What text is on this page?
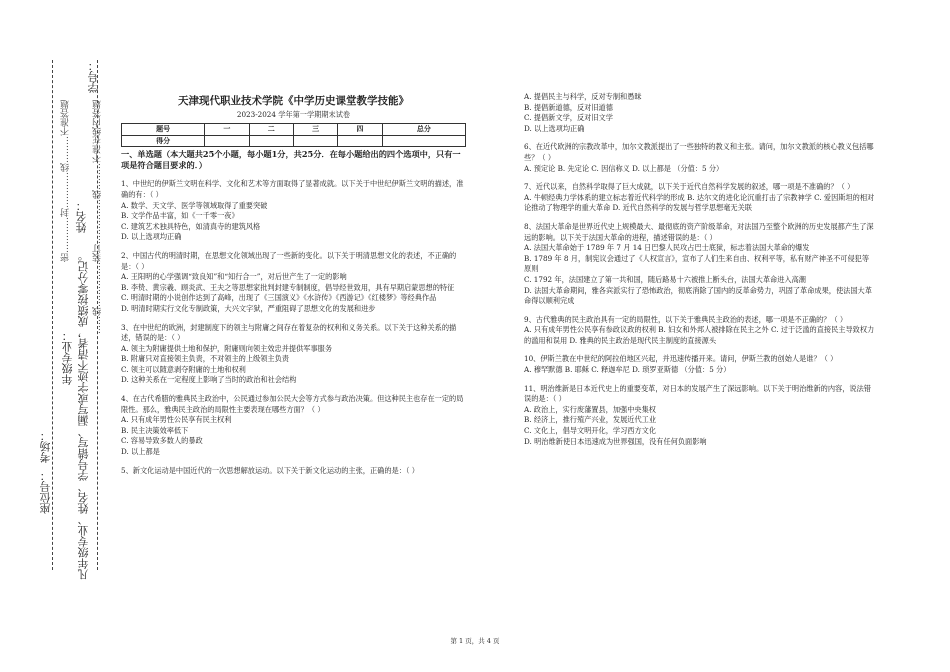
学号：
……线……………装订……………线………不准在线内答题
姓名：
密…………封…………线………不准答题
凡年级专业、姓名、学号错写、漏写或字迹不清者，成绩按零分记。
年级专业：
考场：
座位号：
天津现代职业技术学院《中学历史课堂教学技能》
2023-2024 学年第一学期期末试卷
题号	一	二	三	四	总分
得分					
一、单选题（本大题共25个小题，每小题1分，共25分．在每小题给出的四个选项中，只有一项是符合题目要求的．）

1、中世纪的伊斯兰文明在科学、文化和艺术等方面取得了显著成就。以下关于中世纪伊斯兰文明的描述，准确的有：（ ）

A. 数学、天文学、医学等领域取得了重要突破

B. 文学作品丰富，如《一千零一夜》

C. 建筑艺术独具特色，如清真寺的建筑风格

D. 以上选项均正确

2、中国古代的明清时期，在思想文化领域出现了一些新的变化。以下关于明清思想文化的表述，不正确的是：（ ）

A. 王阳明的心学强调“致良知”和“知行合一”，对后世产生了一定的影响

B. 李贽、黄宗羲、顾炎武、王夫之等思想家批判封建专制制度，倡导经世致用，具有早期启蒙思想的特征

C. 明清时期的小说创作达到了高峰，出现了《三国演义》《水浒传》《西游记》《红楼梦》等经典作品

D. 明清时期实行文化专制政策，大兴文字狱，严重阻碍了思想文化的发展和进步

3、在中世纪的欧洲，封建制度下的领主与附庸之间存在着复杂的权利和义务关系。以下关于这种关系的描述，错误的是：（ ）

A. 领主为附庸提供土地和保护，附庸则向领主效忠并提供军事服务

B. 附庸只对直接领主负责，不对领主的上级领主负责

C. 领主可以随意剥夺附庸的土地和权利

D. 这种关系在一定程度上影响了当时的政治和社会结构

4、在古代希腊的雅典民主政治中，公民通过参加公民大会等方式参与政治决策。但这种民主也存在一定的局限性。那么，雅典民主政治的局限性主要表现在哪些方面？（ ）

A. 只有成年男性公民享有民主权利

B. 民主决策效率低下

C. 容易导致多数人的暴政

D. 以上都是

5、新文化运动是中国近代的一次思想解放运动。以下关于新文化运动的主张，正确的是：（ ）

A. 提倡民主与科学，反对专制和愚昧

B. 提倡新道德，反对旧道德

C. 提倡新文学，反对旧文学

D. 以上选项均正确

6、在近代欧洲的宗教改革中，加尔文教派提出了一些独特的教义和主张。请问，加尔文教派的核心教义包括哪些？（ ）

A. 预定论 B. 先定论 C. 因信称义 D. 以上都是 （分值：5 分）

7、近代以来，自然科学取得了巨大成就，以下关于近代自然科学发展的叙述，哪一项是不准确的？（ ）

A. 牛顿经典力学体系的建立标志着近代科学的形成 B. 达尔文的进化论沉重打击了宗教神学 C. 爱因斯坦的相对论推动了物理学的重大革命 D. 近代自然科学的发展与哲学思想毫无关联

8、法国大革命是世界近代史上规模最大、最彻底的资产阶级革命，对法国乃至整个欧洲的历史发展都产生了深远的影响。以下关于法国大革命的进程，描述错误的是：（ ）

A. 法国大革命始于 1789 年 7 月 14 日巴黎人民攻占巴士底狱，标志着法国大革命的爆发

B. 1789 年 8 月，制宪议会通过了《人权宣言》，宣布了人们生来自由、权利平等，私有财产神圣不可侵犯等原则

C. 1792 年，法国建立了第一共和国，随后路易十六被推上断头台，法国大革命进入高潮

D. 法国大革命期间，雅各宾派实行了恐怖政治，彻底消除了国内的反革命势力，巩固了革命成果，使法国大革命得以顺利完成

9、古代雅典的民主政治具有一定的局限性，以下关于雅典民主政治的表述，哪一项是不正确的？（ ）

A. 只有成年男性公民享有参政议政的权利 B. 妇女和外邦人被排除在民主之外 C. 过于泛滥的直接民主导致权力的滥用和误用 D. 雅典的民主政治是现代民主制度的直接源头

10、伊斯兰教在中世纪的阿拉伯地区兴起，并迅速传播开来。请问，伊斯兰教的创始人是谁？（ ）

A. 穆罕默德 B. 耶稣 C. 释迦牟尼 D. 琐罗亚斯德 （分值：5 分）

11、明治维新是日本近代史上的重要变革，对日本的发展产生了深远影响。以下关于明治维新的内容，说法错误的是：（ ）

A. 政治上，实行废藩置县，加强中央集权

B. 经济上，推行殖产兴业，发展近代工业

C. 文化上，倡导文明开化，学习西方文化

D. 明治维新使日本迅速成为世界强国，没有任何负面影响

第 1 页，共 4 页
